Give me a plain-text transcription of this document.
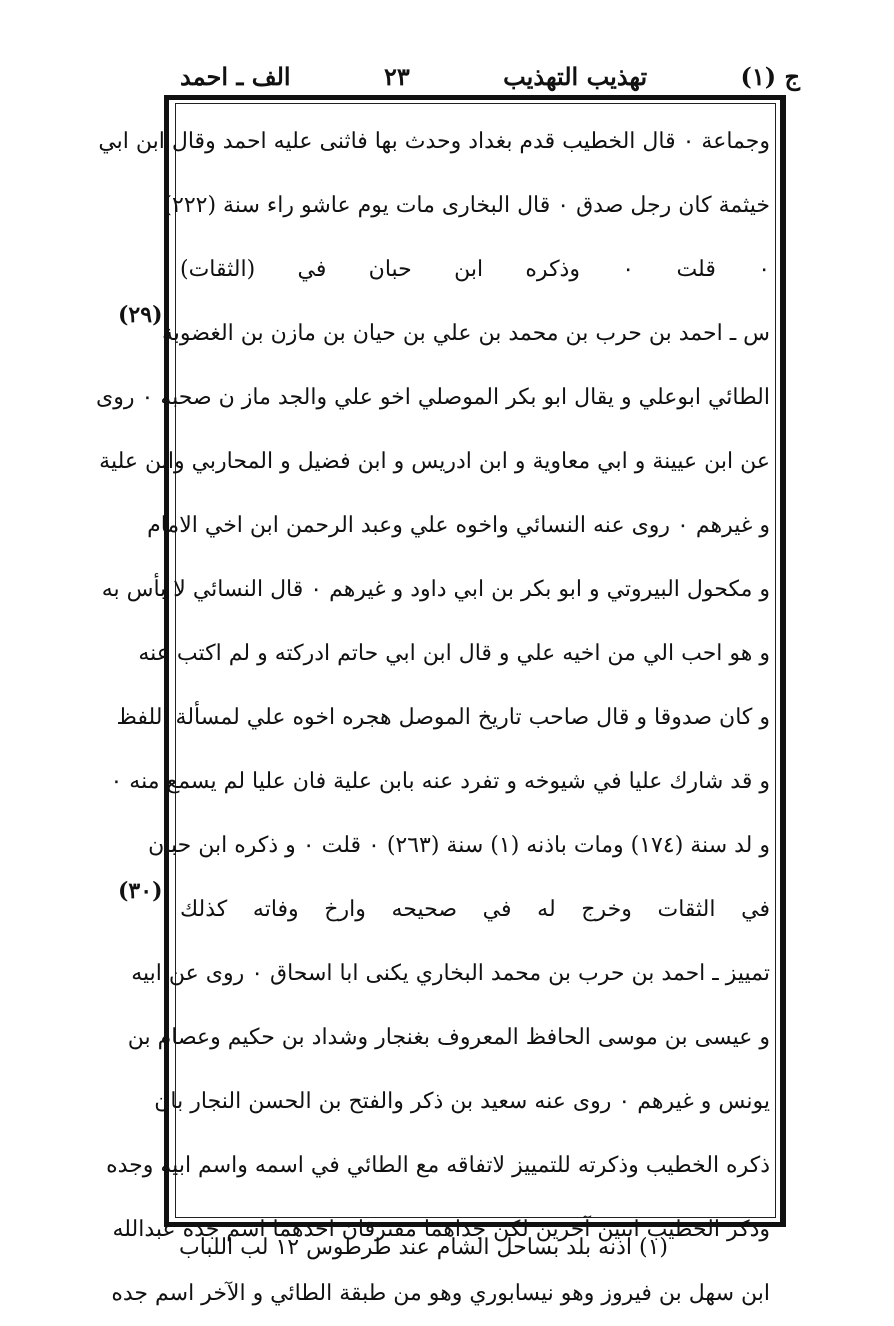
ج (١)
تهذيب التهذيب
٢٣
الف ـ احمد
وجماعة ۰ قال الخطيب قدم بغداد وحدث بها فاثنى عليه احمد وقال ابن ابي
خيثمة كان رجل صدق ۰ قال البخاری مات يوم عاشو راء سنة (٢٢٢)
۰ قلت ۰ وذكره ابن حبان في (الثقات)
س ـ احمد بن حرب بن محمد بن علي بن حيان بن مازن بن الغضوبة
الطائي ابوعلي و يقال ابو بكر الموصلي اخو علي والجد ماز ن صحبة ۰ روى
عن ابن عيينة و ابي معاوية و ابن ادريس و ابن فضيل و المحاربي وابن علية
و غيرهم ۰ روى عنه النسائي واخوه علي وعبد الرحمن ابن اخي الامام
و مكحول البيروتي و ابو بكر بن ابي داود و غيرهم ۰ قال النسائي لا بأس به
و هو احب الي من اخيه علي و قال ابن ابي حاتم ادركته و لم اكتب عنه
و كان صدوقا و قال صاحب تاريخ الموصل هجره اخوه علي لمسألة اللفظ
و قد شارك عليا في شيوخه و تفرد عنه بابن علية فان عليا لم يسمع منه ۰
و لد سنة (١٧٤) ومات باذنه (١) سنة (٢٦٣) ۰ قلت ۰ و ذكره ابن حبان
في الثقات وخرج له في صحيحه وارخ وفاته كذلك
تمييز ـ احمد بن حرب بن محمد البخاري يكنى ابا اسحاق ۰ روى عن ابيه
و عيسى بن موسى الحافظ المعروف بغنجار وشداد بن حكيم وعصام بن
يونس و غيرهم ۰ روى عنه سعيد بن ذكر والفتح بن الحسن النجار بان
ذكره الخطيب وذكرته للتمييز لاتفاقه مع الطائي في اسمه واسم ابيه وجده
وذكر الخطيب اثنين آخرين لكن جداهما مفترقان احدهما اسم جده عبدالله
ابن سهل بن فيروز وهو نيسابوري وهو من طبقة الطائي و الآخر اسم جده
(٢٩)
(٣٠)
(١) اذنه بلد بساحل الشام عند طرطوس ١٢ لب اللباب
